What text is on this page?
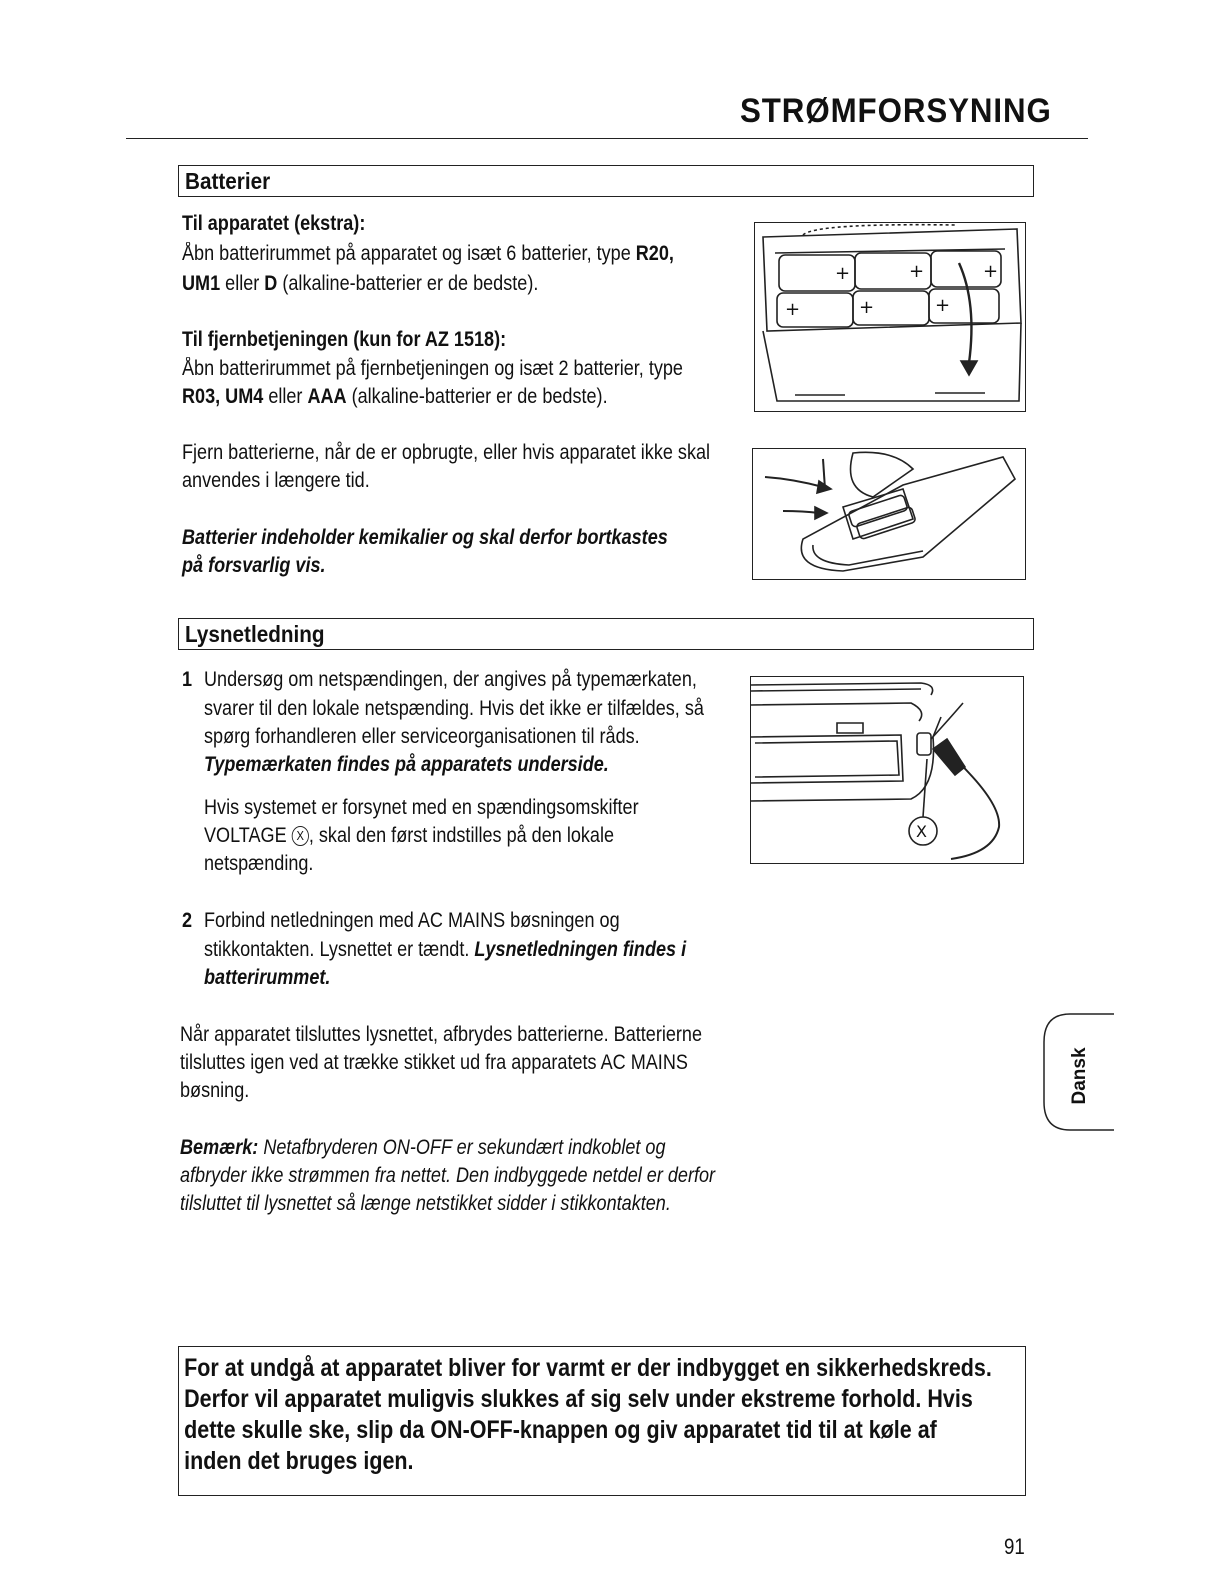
STRØMFORSYNING
Batterier
Til apparatet (ekstra):
Åbn batterirummet på apparatet og isæt 6 batterier, type R20,
UM1 eller D (alkaline-batterier er de bedste).
Til fjernbetjeningen (kun for AZ 1518):
Åbn batterirummet på fjernbetjeningen og isæt 2 batterier, type
R03, UM4 eller AAA (alkaline-batterier er de bedste).
Fjern batterierne, når de er opbrugte, eller hvis apparatet ikke skal
anvendes i længere tid.
Batterier indeholder kemikalier og skal derfor bortkastes
på forsvarlig vis.
+	+	+
+	+	+
Lysnetledning
1 Undersøg om netspændingen, der angives på typemærkaten,
svarer til den lokale netspænding. Hvis det ikke er tilfældes, så
spørg forhandleren eller serviceorganisationen til råds.
Typemærkaten findes på apparatets underside.
Hvis systemet er forsynet med en spændingsomskifter
VOLTAGE X , skal den først indstilles på den lokale
netspænding.
2 Forbind netledningen med AC MAINS bøsningen og
stikkontakten. Lysnettet er tændt. Lysnetledningen findes i
batterirummet.
Når apparatet tilsluttes lysnettet, afbrydes batterierne. Batterierne
tilsluttes igen ved at trække stikket ud fra apparatets AC MAINS
bøsning.
Bemærk: Netafbryderen ON-OFF er sekundært indkoblet og
afbryder ikke strømmen fra nettet. Den indbyggede netdel er derfor
tilsluttet til lysnettet så længe netstikket sidder i stikkontakten.
X
For at undgå at apparatet bliver for varmt er der indbygget en sikkerhedskreds.
Derfor vil apparatet muligvis slukkes af sig selv under ekstreme forhold. Hvis
dette skulle ske, slip da ON-OFF-knappen og giv apparatet tid til at køle af
inden det bruges igen.
Dansk
91
